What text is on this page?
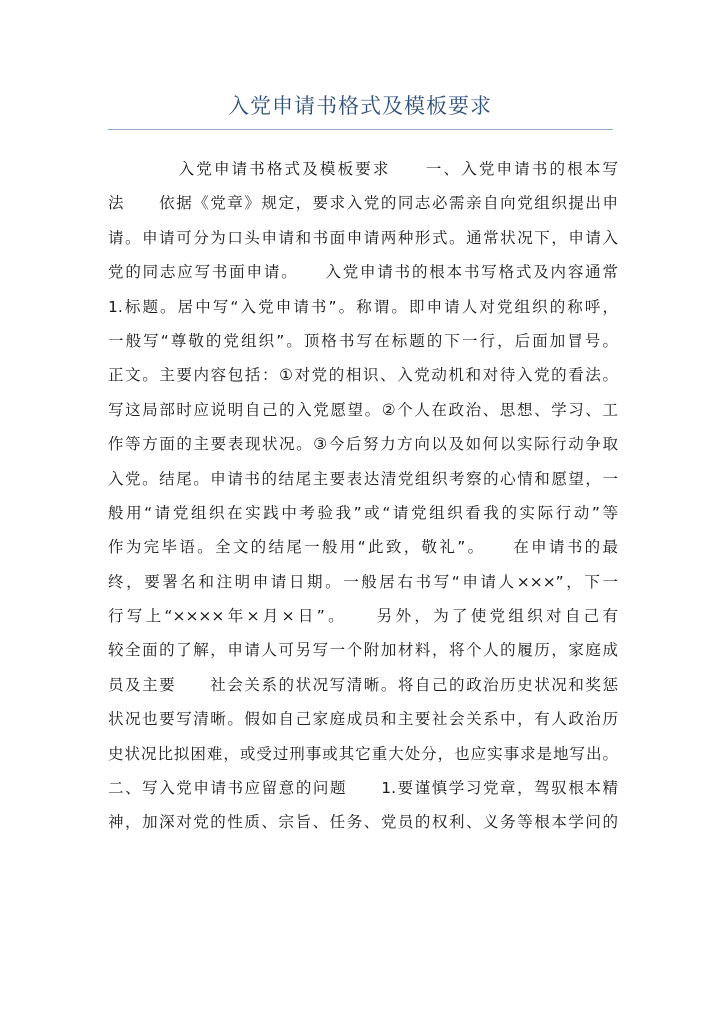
入党申请书格式及模板要求
　　　　入党申请书格式及模板要求　　一、入党申请书的根本写
法　　依据《党章》规定，要求入党的同志必需亲自向党组织提出申
请。申请可分为口头申请和书面申请两种形式。通常状况下，申请入
党的同志应写书面申请。　　入党申请书的根本书写格式及内容通常
1.标题。居中写“入党申请书”。称谓。即申请人对党组织的称呼，
一般写“尊敬的党组织”。顶格书写在标题的下一行，后面加冒号。
正文。主要内容包括：①对党的相识、入党动机和对待入党的看法。
写这局部时应说明自己的入党愿望。②个人在政治、思想、学习、工
作等方面的主要表现状况。③今后努力方向以及如何以实际行动争取
入党。结尾。申请书的结尾主要表达清党组织考察的心情和愿望，一
般用“请党组织在实践中考验我”或“请党组织看我的实际行动”等
作为完毕语。全文的结尾一般用“此致，敬礼”。　　在申请书的最
终，要署名和注明申请日期。一般居右书写“申请人×××”，下一
行写上“××××年×月×日”。　　另外，为了使党组织对自己有
较全面的了解，申请人可另写一个附加材料，将个人的履历，家庭成
员及主要　　社会关系的状况写清晰。将自己的政治历史状况和奖惩
状况也要写清晰。假如自己家庭成员和主要社会关系中，有人政治历
史状况比拟困难，或受过刑事或其它重大处分，也应实事求是地写出。
二、写入党申请书应留意的问题　　1.要谨慎学习党章，驾驭根本精
神，加深对党的性质、宗旨、任务、党员的权利、义务等根本学问的
